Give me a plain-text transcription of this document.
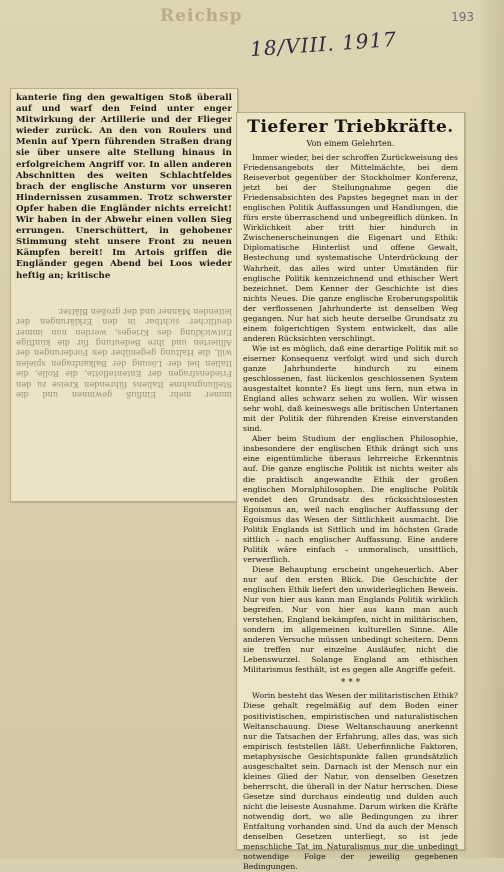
Reichsp	193
18/VIII. 1917

kanterie fing den gewaltigen Stoß überall auf und warf den Feind unter enger Mitwirkung der Artillerie und der Flieger wieder zurück. An den von Roulers und Menin auf Ypern führenden Straßen drang sie über unsere alte Stellung hinaus in erfolgreichem Angriff vor. In allen anderen Abschnitten des weiten Schlachtfeldes brach der englische Ansturm vor unseren Hindernissen zusammen. Trotz schwerster Opfer haben die Engländer nichts erreicht! Wir haben in der Abwehr einen vollen Sieg errungen. Unerschüttert, in gehobener Stimmung steht unsere Front zu neuen Kämpfen bereit! Im Artois griffen die Engländer gegen Abend bei Loos wieder heftig an; kritische

immer mehr Einfluß gewinnen und die Stellungnahme Italiens führenden Kreise zu den Friedensfragen der Ententeflotte, die Rolle, die Italien bei der Lösung der Balkanfragen spielen will, die Haltung gegenüber den Forderungen der Alliierten und ihre Bedeutung für die künftige Entwicklung des Krieges, werden nun immer deutlicher sichtbar in den Erklärungen der leitenden Männer und der großen Blätter.
Tieferer Triebkräfte.
Von einem Gelehrten.

Immer wieder, bei der schroffen Zurückweisung des Friedensangebots der Mittelmächte, bei dem Reiseverbot gegenüber der Stockholmer Konferenz, jetzt bei der Stellungnahme gegen die Friedensabsichten des Papstes begegnet man in der englischen Politik Auffassungen und Handlungen, die fürs erste überraschend und unbegreiflich dünken. In Wirklichkeit aber tritt hier hindurch in Zwischenerscheinungen die Eigenart und Ethik: Diplomatische Hinterlist und offene Gewalt, Bestechung und systematische Unterdrückung der Wahrheit, das alles wird unter Umständen für englische Politik kennzeichnend und ethischer Wert bezeichnet. Dem Kenner der Geschichte ist dies nichts Neues. Die ganze englische Eroberungspolitik der verflossenen Jahrhunderte ist denselben Weg gegangen. Nur hat sich heute derselbe Grundsatz zu einem folgerichtigen System entwickelt, das alle anderen Rücksichten verschlingt.

Wie ist es möglich, daß eine derartige Politik mit so eiserner Konsequenz verfolgt wird und sich durch ganze Jahrhunderte hindurch zu einem geschlossenen, fast lückenlos geschlossenen System ausgestaltet konnte? Es liegt uns fern, nun etwa in England alles schwarz sehen zu wollen. Wir wissen sehr wohl, daß keineswegs alle britischen Untertanen mit der Politik der führenden Kreise einverstanden sind.

Aber beim Studium der englischen Philosophie, insbesondere der englischen Ethik drängt sich uns eine eigentümliche überaus lehrreiche Erkenntnis auf. Die ganze englische Politik ist nichts weiter als die praktisch angewandte Ethik der großen englischen Moralphilosophen. Die englische Politik wendet den Grundsatz des rücksichtslosesten Egoismus an, weil nach englischer Auffassung der Egoismus das Wesen der Sittlichkeit ausmacht. Die Politik Englands ist Sittlich und im höchsten Grade sittlich – nach englischer Auffassung. Eine andere Politik wäre einfach – unmoralisch, unsittlich, verwerflich.

Diese Behauptung erscheint ungeheuerlich. Aber nur auf den ersten Blick. Die Geschichte der englischen Ethik liefert den unwiderleglichen Beweis. Nur von hier aus kann man Englands Politik wirklich begreifen. Nur von hier aus kann man auch verstehen, England bekämpfen, nicht in militärischen, sondern im allgemeinen kulturellen Sinne. Alle anderen Versuche müssen unbedingt scheitern. Denn sie treffen nur einzelne Ausläufer, nicht die Lebenswurzel. Solange England am ethischen Militarismus festhält, ist es gegen alle Angriffe gefeit.

* * *

Worin besteht das Wesen der militaristischen Ethik? Diese gehalt regelmäßig auf dem Boden einer positivistischen, empiristischen und naturalistischen Weltanschauung. Diese Weltanschauung anerkennt nur die Tatsachen der Erfahrung, alles das, was sich empirisch feststellen läßt. Ueberfinnliche Faktoren, metaphysische Gesichtspunkte fallen grundsätzlich ausgeschaltet sein. Darnach ist der Mensch nur ein kleines Glied der Natur, von denselben Gesetzen beherrscht, die überall in der Natur herrschen. Diese Gesetze sind durchaus eindeutig und dulden auch nicht die leiseste Ausnahme. Darum wirken die Kräfte notwendig dort, wo alle Bedingungen zu ihrer Entfaltung vorhanden sind. Und da auch der Mensch denselben Gesetzen unterliegt, so ist jede menschliche Tat im Naturalismus nur die unbedingt notwendige Folge der jeweilig gegebenen Bedingungen.
